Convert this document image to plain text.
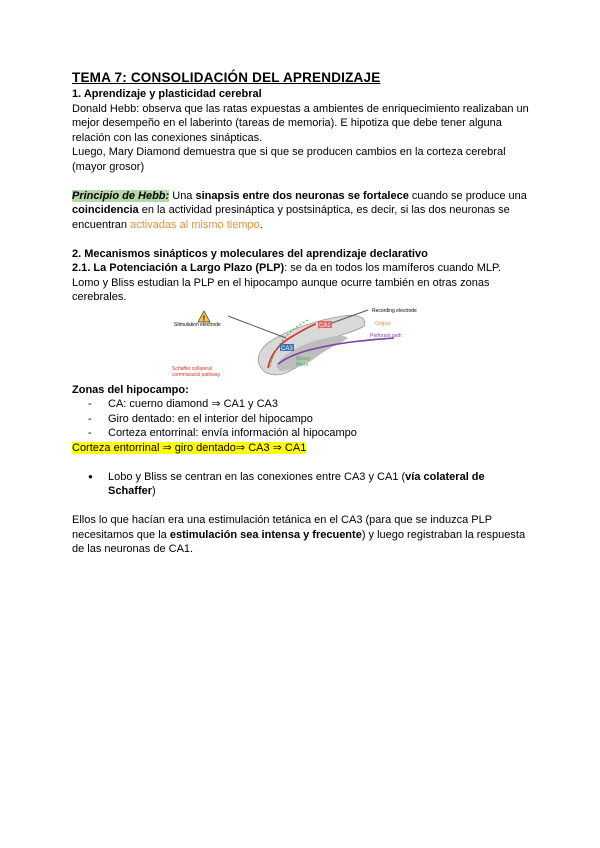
TEMA 7: CONSOLIDACIÓN DEL APRENDIZAJE
1. Aprendizaje y plasticidad cerebral

Donald Hebb: observa que las ratas expuestas a ambientes de enriquecimiento realizaban un mejor desempeño en el laberinto (tareas de memoria). E hipotiza que debe tener alguna relación con las conexiones sinápticas.

Luego, Mary Diamond demuestra que si que se producen cambios en la corteza cerebral (mayor grosor)

Principio de Hebb: Una sinapsis entre dos neuronas se fortalece cuando se produce una coincidencia en la actividad presináptica y postsináptica, es decir, si las dos neuronas se encuentran activadas al mismo tiempo.

2. Mecanismos sinápticos y moleculares del aprendizaje declarativo

2.1. La Potenciación a Largo Plazo (PLP): se da en todos los mamíferos cuando MLP. Lomo y Bliss estudian la PLP en el hipocampo aunque ocurre también en otras zonas cerebrales.

!
CA1
CA3
Stimulation electrode
Recording electrode
Output
Perforant path
Mossy
fibers
Schaffer collateral
commissural pathway
Zonas del hipocampo:
- CA: cuerno diamond ⇒ CA1 y CA3
- Giro dentado: en el interior del hipocampo
- Corteza entorrinal: envía información al hipocampo

Corteza entorrinal ⇒ giro dentado⇒ CA3 ⇒ CA1

● Lobo y Bliss se centran en las conexiones entre CA3 y CA1 (vía colateral de Schaffer)

Ellos lo que hacían era una estimulación tetánica en el CA3 (para que se induzca PLP necesitamos que la estimulación sea intensa y frecuente) y luego registraban la respuesta de las neuronas de CA1.
